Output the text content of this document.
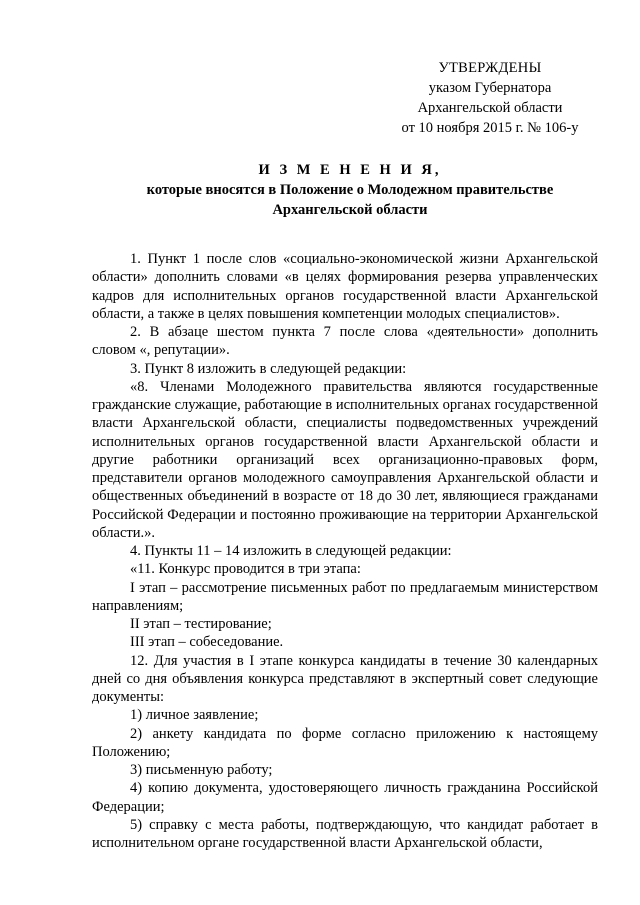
УТВЕРЖДЕНЫ
указом Губернатора
Архангельской области
от 10 ноября 2015 г. № 106-у
И З М Е Н Е Н И Я,
которые вносятся в Положение о Молодежном правительстве
Архангельской области

1. Пункт 1 после слов «социально-экономической жизни Архангельской области» дополнить словами «в целях формирования резерва управленческих кадров для исполнительных органов государственной власти Архангельской области, а также в целях повышения компетенции молодых специалистов».

2. В абзаце шестом пункта 7 после слова «деятельности» дополнить словом «, репутации».

3. Пункт 8 изложить в следующей редакции:

«8. Членами Молодежного правительства являются государственные гражданские служащие, работающие в исполнительных органах государственной власти Архангельской области, специалисты подведомственных учреждений исполнительных органов государственной власти Архангельской области и другие работники организаций всех организационно-правовых форм, представители органов молодежного самоуправления Архангельской области и общественных объединений в возрасте от 18 до 30 лет, являющиеся гражданами Российской Федерации и постоянно проживающие на территории Архангельской области.».

4. Пункты 11 – 14 изложить в следующей редакции:

«11. Конкурс проводится в три этапа:

I этап – рассмотрение письменных работ по предлагаемым министерством направлениям;

II этап – тестирование;

III этап – собеседование.

12. Для участия в I этапе конкурса кандидаты в течение 30 календарных дней со дня объявления конкурса представляют в экспертный совет следующие документы:

1) личное заявление;

2) анкету кандидата по форме согласно приложению к настоящему Положению;

3) письменную работу;

4) копию документа, удостоверяющего личность гражданина Российской Федерации;

5) справку с места работы, подтверждающую, что кандидат работает в исполнительном органе государственной власти Архангельской области,
